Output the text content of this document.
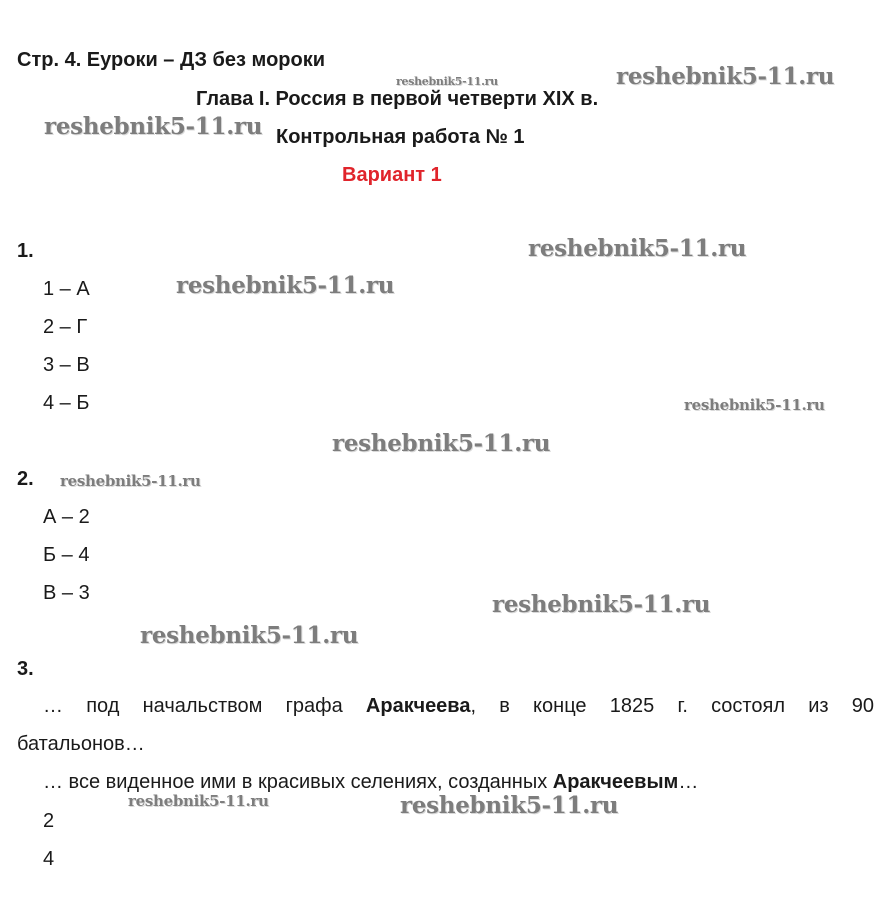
Стр. 4. Еуроки – ДЗ без мороки
Глава I. Россия в первой четверти XIX в.
Контрольная работа № 1
Вариант 1
1.
1 – А
2 – Г
3 – В
4 – Б
2.
А – 2
Б – 4
В – 3
3.
… под начальством графа Аракчеева, в конце 1825 г. состоял из 90
батальонов…
… все виденное ими в красивых селениях, созданных Аракчеевым…
2
4
reshebnik5-11.ru	reshebnik5-11.ru
reshebnik5-11.ru
reshebnik5-11.ru
reshebnik5-11.ru
reshebnik5-11.ru
reshebnik5-11.ru
reshebnik5-11.ru
reshebnik5-11.ru
reshebnik5-11.ru
reshebnik5-11.ru	reshebnik5-11.ru
